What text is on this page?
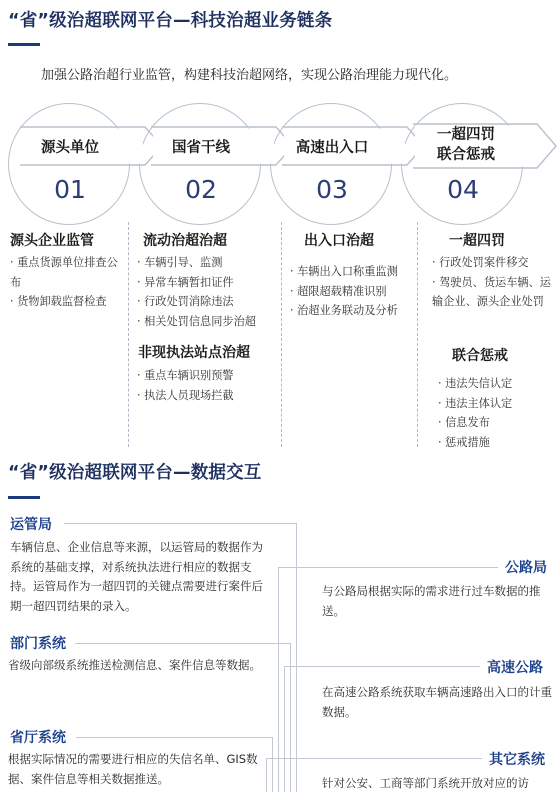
“省”级治超联网平台—科技治超业务链条
加强公路治超行业监管，构建科技治超网络，实现公路治理能力现代化。
源头单位	国省干线	高速出入口
一超四罚
联合惩戒
01	02	03	04
源头企业监管
· 重点货源单位排查公布
· 货物卸载监督检查
流动治超治超
· 车辆引导、监测
· 异常车辆暂扣证件
· 行政处罚消除违法
· 相关处罚信息同步治超
非现执法站点治超
· 重点车辆识别预警
· 执法人员现场拦截
出入口治超
· 车辆出入口称重监测
· 超限超载精准识别
· 治超业务联动及分析
一超四罚
· 行政处罚案件移交
· 驾驶员、货运车辆、运输企业、源头企业处罚
联合惩戒
· 违法失信认定
· 违法主体认定
· 信息发布
· 惩戒措施
“省”级治超联网平台—数据交互
运管局
车辆信息、企业信息等来源，以运管局的数据作为系统的基础支撑，对系统执法进行相应的数据支持。运管局作为一超四罚的关键点需要进行案件后期一超四罚结果的录入。
部门系统
省级向部级系统推送检测信息、案件信息等数据。
省厅系统
根据实际情况的需要进行相应的失信名单、GIS数据、案件信息等相关数据推送。
公路局
与公路局根据实际的需求进行过车数据的推送。
高速公路
在高速公路系统获取车辆高速路出入口的计重数据。
其它系统
针对公安、工商等部门系统开放对应的访
